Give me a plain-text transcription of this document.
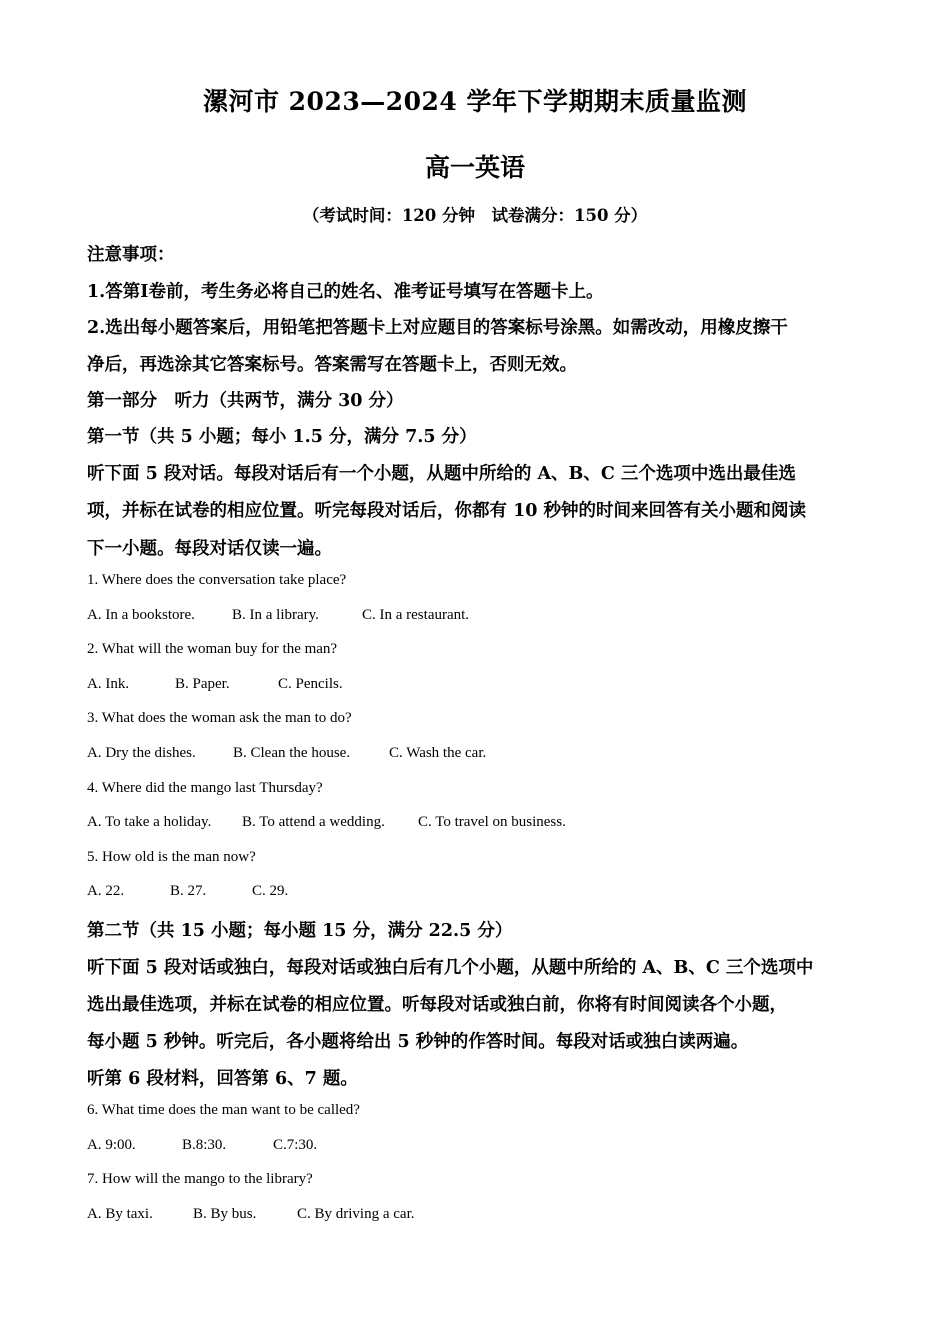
漯河市 2023—2024 学年下学期期末质量监测
高一英语
（考试时间：120 分钟　试卷满分：150 分）
注意事项：
1.答第Ⅰ卷前，考生务必将自己的姓名、准考证号填写在答题卡上。
2.选出每小题答案后，用铅笔把答题卡上对应题目的答案标号涂黑。如需改动，用橡皮擦干
净后，再选涂其它答案标号。答案需写在答题卡上，否则无效。
第一部分　听力（共两节，满分 30 分）
第一节（共 5 小题；每小 1.5 分，满分 7.5 分）
听下面 5 段对话。每段对话后有一个小题，从题中所给的 A、B、C 三个选项中选出最佳选
项，并标在试卷的相应位置。听完每段对话后，你都有 10 秒钟的时间来回答有关小题和阅读
下一小题。每段对话仅读一遍。
1. Where does the conversation take place?
A. In a bookstore. B. In a library.	C. In a restaurant.
2. What will the woman buy for the man?
A. Ink.	B. Paper.	C. Pencils.
3. What does the woman ask the man to do?
A. Dry the dishes. B. Clean the house.	C. Wash the car.
4. Where did the mango last Thursday?
A. To take a holiday. B. To attend a wedding. C. To travel on business.
5. How old is the man now?
A. 22.	B. 27.	C. 29.
第二节（共 15 小题；每小题 15 分，满分 22.5 分）
听下面 5 段对话或独白，每段对话或独白后有几个小题，从题中所给的 A、B、C 三个选项中
选出最佳选项，并标在试卷的相应位置。听每段对话或独白前，你将有时间阅读各个小题，
每小题 5 秒钟。听完后，各小题将给出 5 秒钟的作答时间。每段对话或独白读两遍。
听第 6 段材料，回答第 6、7 题。
6. What time does the man want to be called?
A. 9:00.	B.8:30.	C.7:30.
7. How will the mango to the library?
A. By taxi.	B. By bus.	C. By driving a car.
